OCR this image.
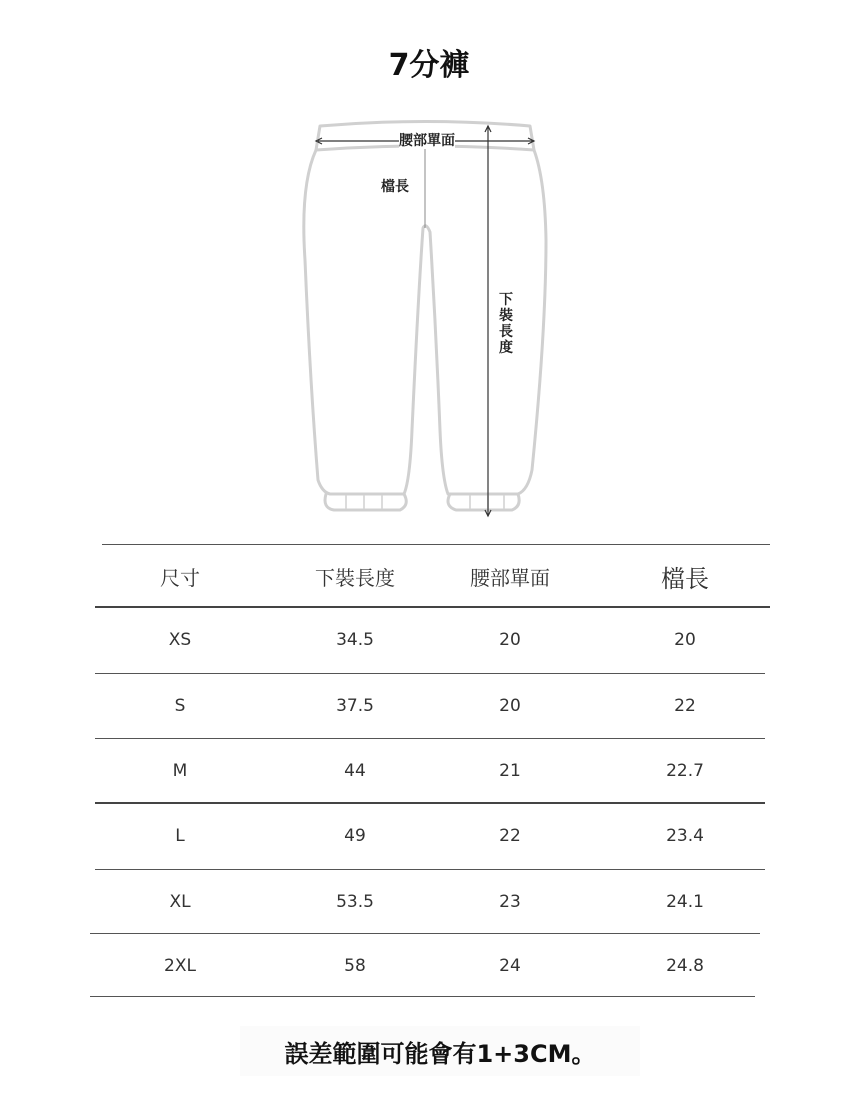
7分褲
腰部單面
檔長
下
裝
長
度
尺寸	下裝長度	腰部單面	檔長
XS	34.5	20	20
S	37.5	20	22
M	44	21	22.7
L	49	22	23.4
XL	53.5	23	24.1
2XL	58	24	24.8
誤差範圍可能會有1+3CM。
